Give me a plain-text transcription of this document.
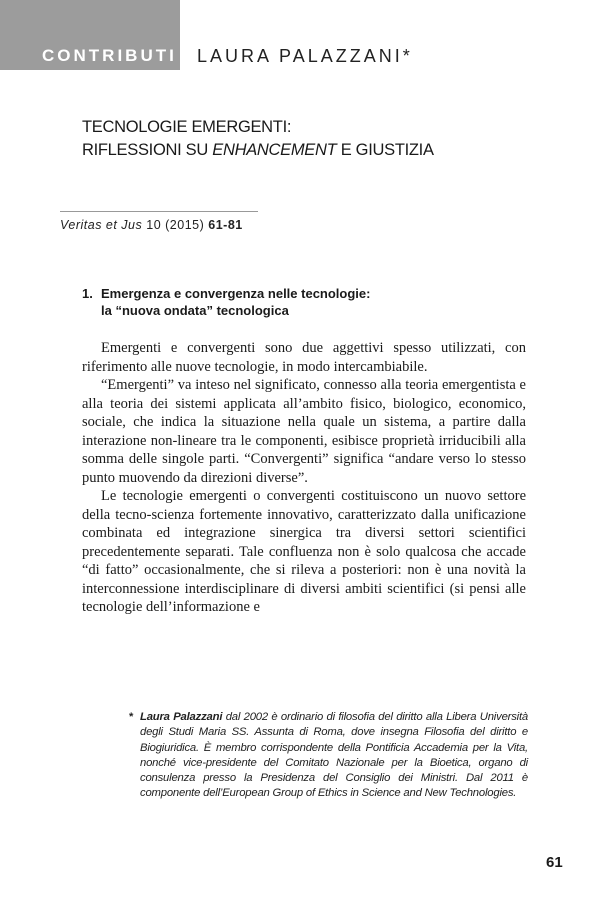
CONTRIBUTI LAURA PALAZZANI*
TECNOLOGIE EMERGENTI:
RIFLESSIONI SU ENHANCEMENT E GIUSTIZIA
Veritas et Jus 10 (2015) 61-81
1. Emergenza e convergenza nelle tecnologie:
la “nuova ondata” tecnologica

Emergenti e convergenti sono due aggettivi spesso utilizzati, con riferimento alle nuove tecnologie, in modo intercambiabile.

“Emergenti” va inteso nel significato, connesso alla teoria emergentista e alla teoria dei sistemi applicata all’ambito fisico, biologico, economico, sociale, che indica la situazione nella quale un sistema, a partire dalla interazione non-lineare tra le componenti, esibisce proprietà irriducibili alla somma delle singole parti. “Convergenti” significa “andare verso lo stesso punto muovendo da direzioni diverse”.

Le tecnologie emergenti o convergenti costituiscono un nuovo settore della tecno-scienza fortemente innovativo, caratterizzato dalla unificazione combinata ed integrazione sinergica tra diversi settori scientifici precedentemente separati. Tale confluenza non è solo qualcosa che accade “di fatto” occasionalmente, che si rileva a posteriori: non è una novità la interconnessione interdisciplinare di diversi ambiti scientifici (si pensi alle tecnologie dell’informazione e

* Laura Palazzani dal 2002 è ordinario di filosofia del diritto alla Libera Università degli Studi Maria SS. Assunta di Roma, dove insegna Filosofia del diritto e Biogiuridica. È membro corrispondente della Pontificia Accademia per la Vita, nonché vice-presidente del Comitato Nazionale per la Bioetica, organo di consulenza presso la Presidenza del Consiglio dei Ministri. Dal 2011 è componente dell’European Group of Ethics in Science and New Technologies.
61
